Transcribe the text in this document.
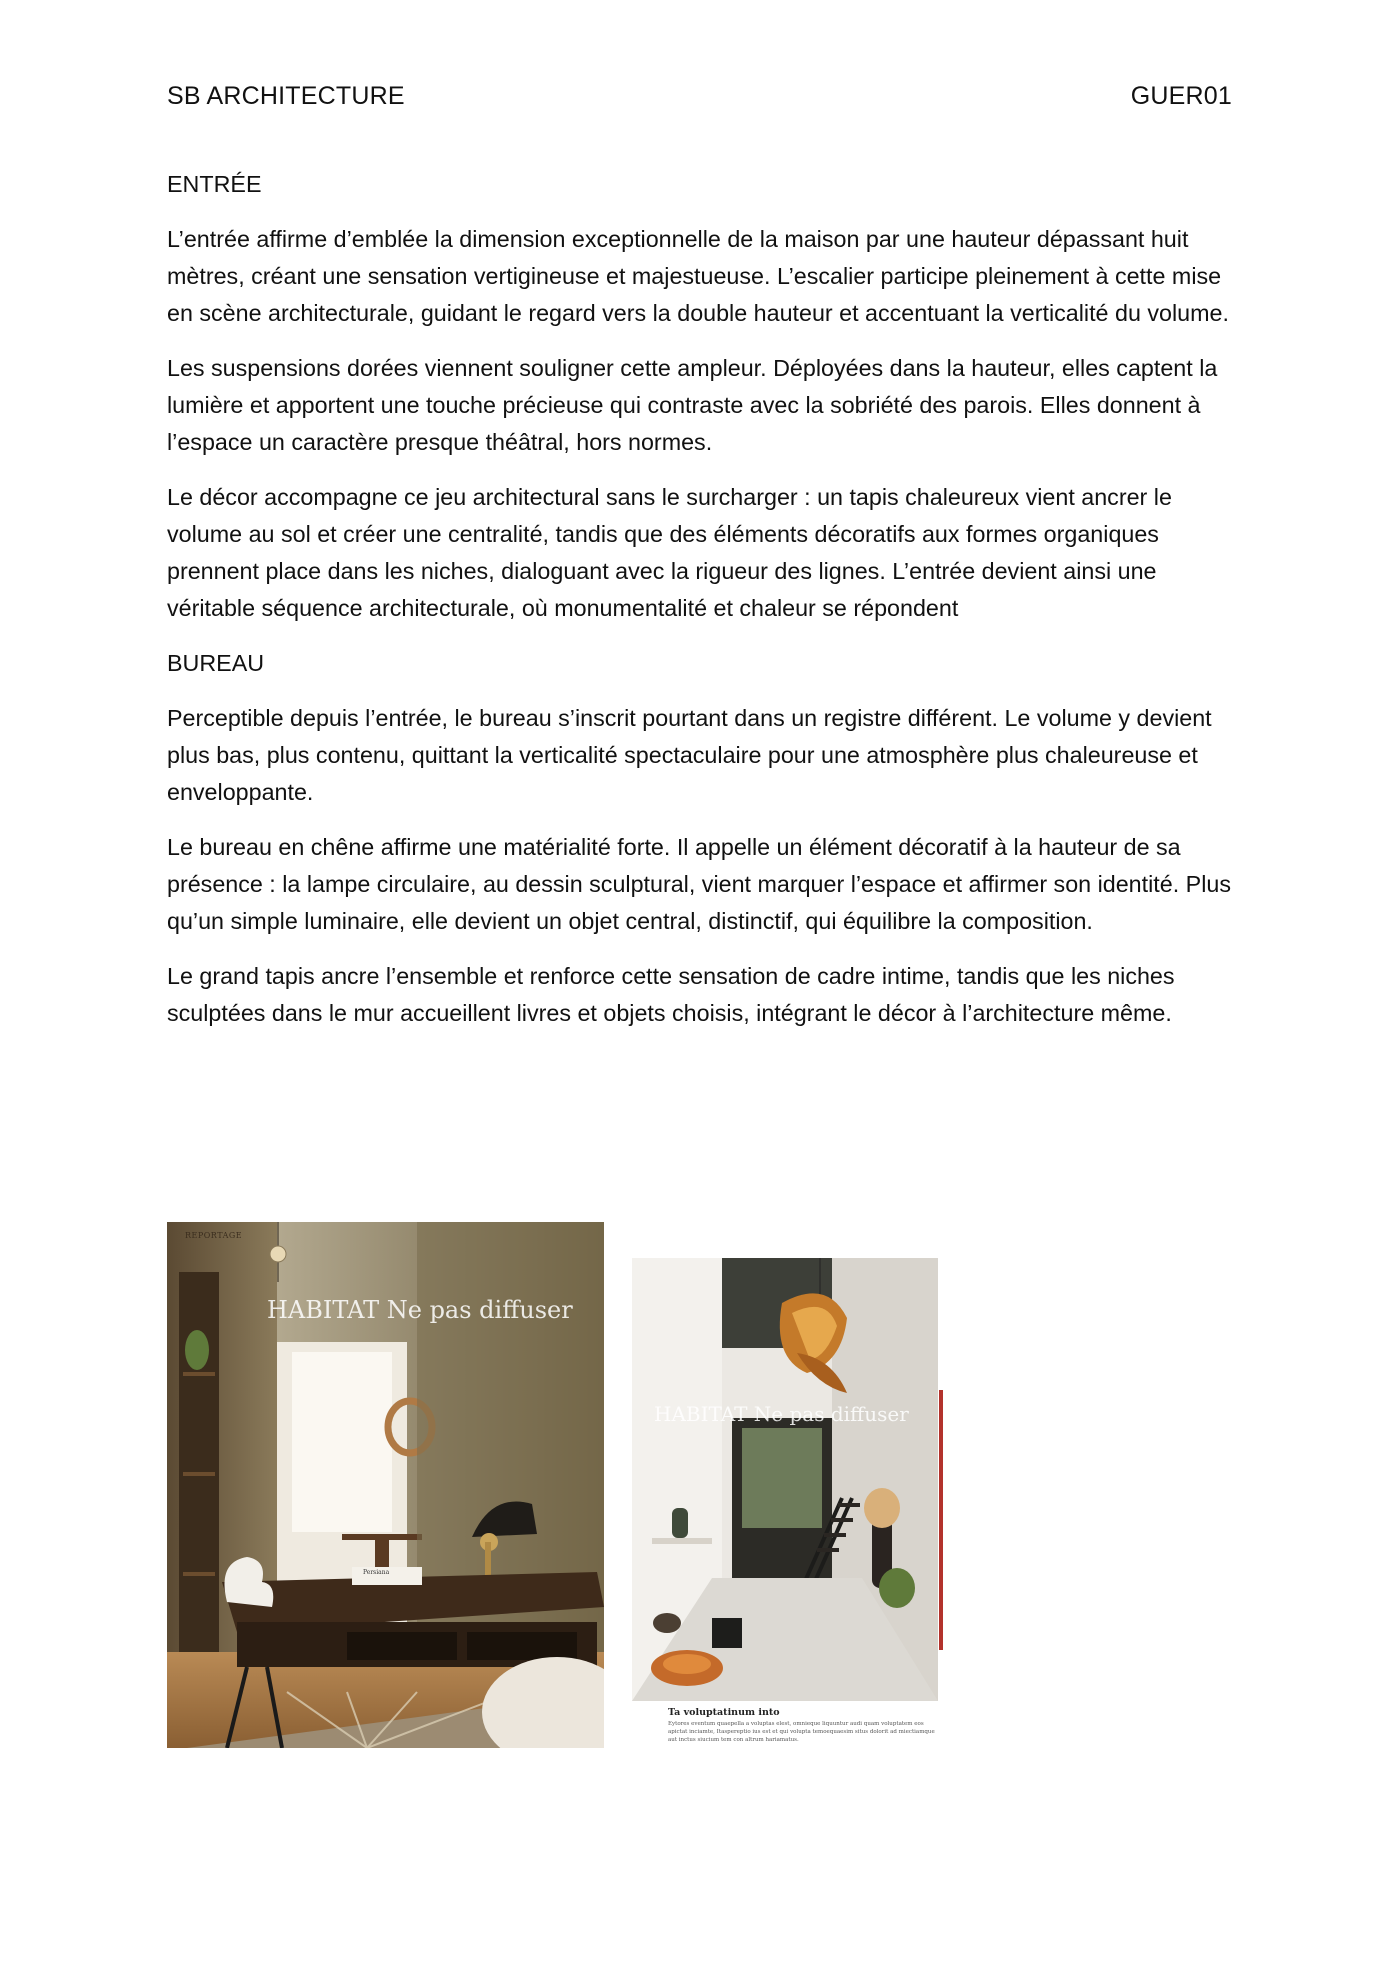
SB ARCHITECTURE	GUER01
ENTRÉE

L’entrée affirme d’emblée la dimension exceptionnelle de la maison par une hauteur dépassant huit mètres, créant une sensation vertigineuse et majestueuse. L’escalier participe pleinement à cette mise en scène architecturale, guidant le regard vers la double hauteur et accentuant la verticalité du volume.

Les suspensions dorées viennent souligner cette ampleur. Déployées dans la hauteur, elles captent la lumière et apportent une touche précieuse qui contraste avec la sobriété des parois. Elles donnent à l’espace un caractère presque théâtral, hors normes.

Le décor accompagne ce jeu architectural sans le surcharger : un tapis chaleureux vient ancrer le volume au sol et créer une centralité, tandis que des éléments décoratifs aux formes organiques prennent place dans les niches, dialoguant avec la rigueur des lignes. L’entrée devient ainsi une véritable séquence architecturale, où monumentalité et chaleur se répondent

BUREAU

Perceptible depuis l’entrée, le bureau s’inscrit pourtant dans un registre différent. Le volume y devient plus bas, plus contenu, quittant la verticalité spectaculaire pour une atmosphère plus chaleureuse et enveloppante.

Le bureau en chêne affirme une matérialité forte. Il appelle un élément décoratif à la hauteur de sa présence : la lampe circulaire, au dessin sculptural, vient marquer l’espace et affirmer son identité. Plus qu’un simple luminaire, elle devient un objet central, distinctif, qui équilibre la composition.

Le grand tapis ancre l’ensemble et renforce cette sensation de cadre intime, tandis que les niches sculptées dans le mur accueillent livres et objets choisis, intégrant le décor à l’architecture même.

REPORTAGE
HABITAT Ne pas diffuser
Persiana
HABITAT Ne pas diffuser
Ta voluptatinum into
Eytores eventum quaepella a voluptas elest, omnieque liquuntur audi quam voluptatem eos apictat inciamte, Itaspereptio ius est et qui volupta temoequaesim situs dolorit ad miectiamque aut inctus siucium tem con altrum hariamatus.
